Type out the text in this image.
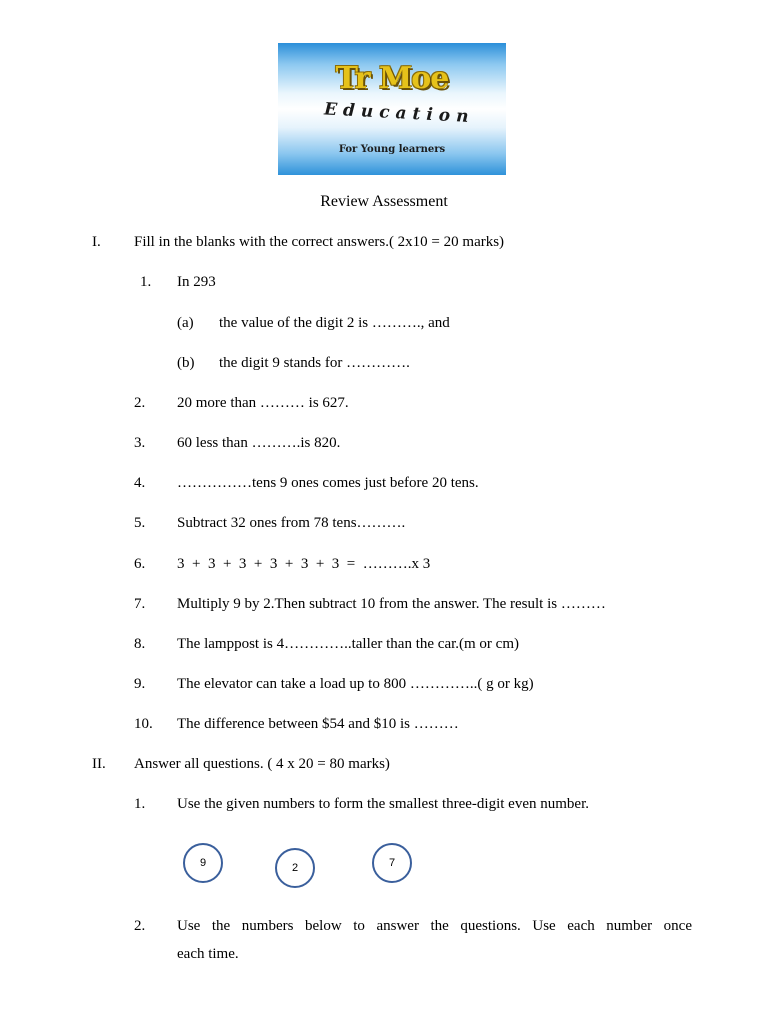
Tr Moe
Education
For Young learners
Review Assessment
I. Fill in the blanks with the correct answers.( 2x10 = 20 marks)
1. In 293
(a) the value of the digit 2 is ………., and
(b) the digit 9 stands for ………….
2. 20 more than ……… is 627.
3. 60 less than ……….is 820.
4. ……………tens 9 ones comes just before 20 tens.
5. Subtract 32 ones from 78 tens……….
6. 3  +  3  +  3  +  3  +  3  +  3  =  ……….x 3
7. Multiply 9 by 2.Then subtract 10 from the answer. The result is ………
8. The lamppost is 4…………..taller than the car.(m or cm)
9. The elevator can take a load up to 800 …………..( g or kg)
10. The difference between $54 and $10 is ………
II. Answer all questions. ( 4 x 20 = 80 marks)
1. Use the given numbers to form the smallest three-digit even number.
9	2	7
2. Use the numbers below to answer the questions. Use each number once
each time.
